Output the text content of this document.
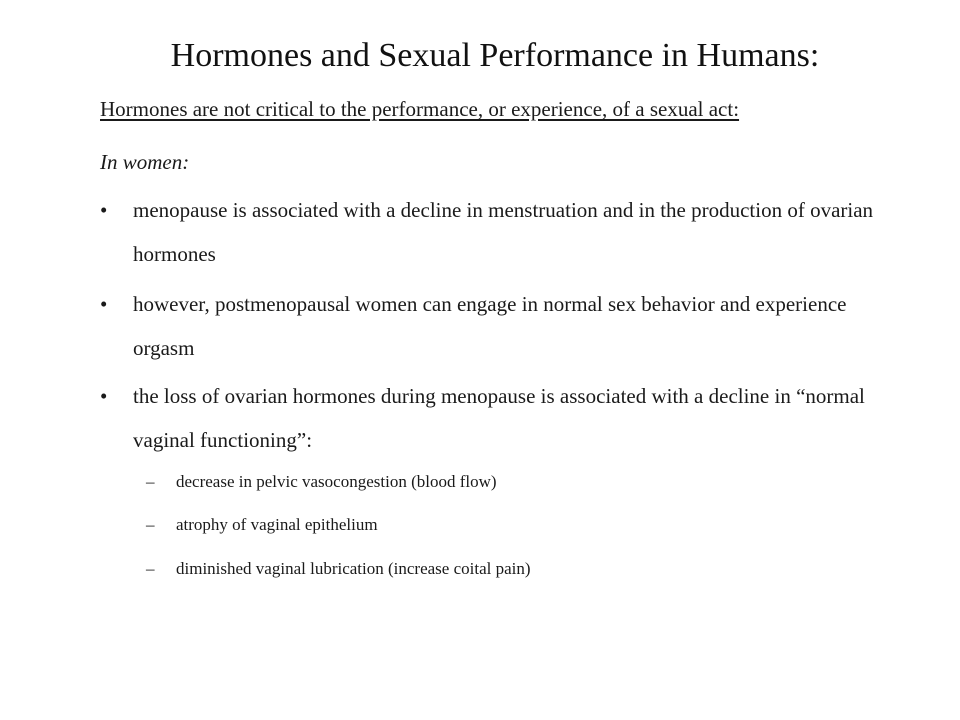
Hormones and Sexual Performance in Humans:
Hormones are not critical to the performance, or experience, of a sexual act:
In women:
•	menopause is associated with a decline in menstruation and in the production of ovarian hormones
•	however, postmenopausal women can engage in normal sex behavior and experience orgasm
•	the loss of ovarian hormones during menopause is associated with a decline in “normal vaginal functioning”:
– decrease in pelvic vasocongestion (blood flow)
– atrophy of vaginal epithelium
– diminished vaginal lubrication (increase coital pain)
